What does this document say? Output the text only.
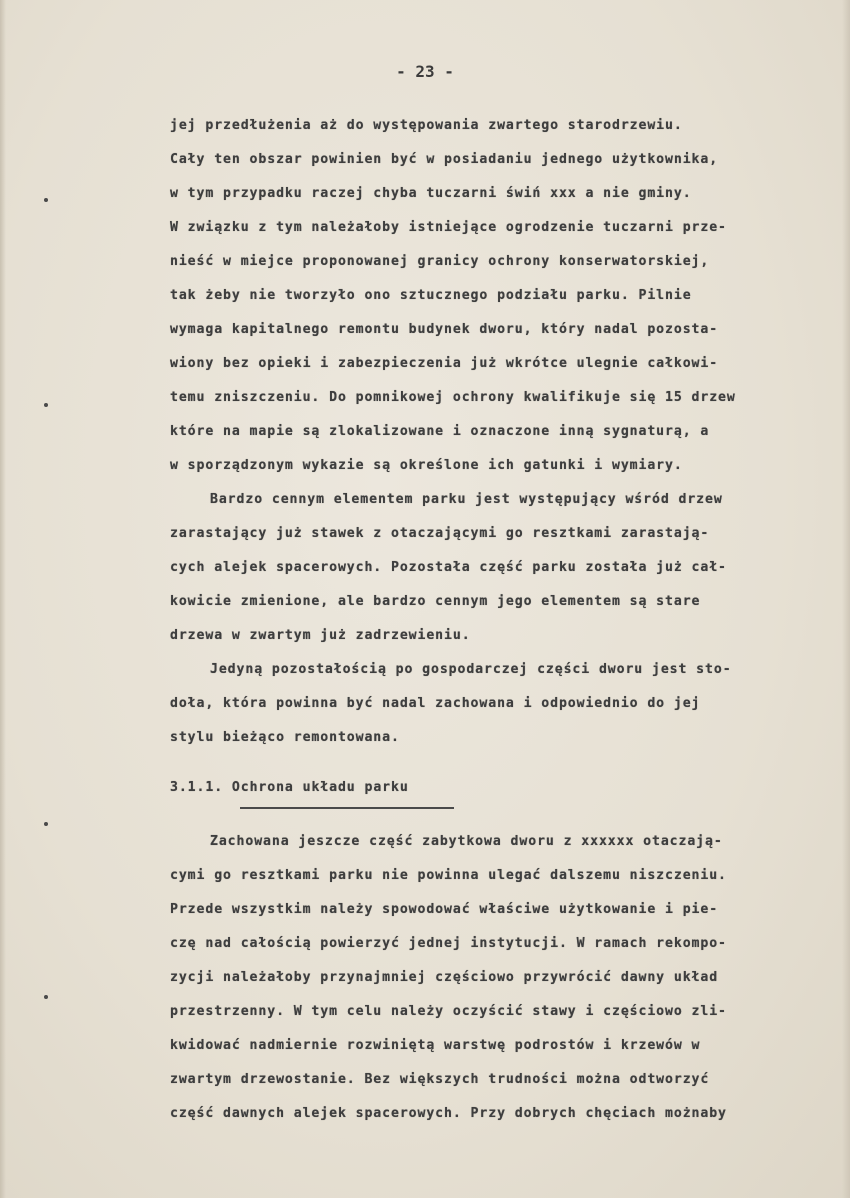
- 23 -
jej przedłużenia aż do występowania zwartego starodrzewiu.
Cały ten obszar powinien być w posiadaniu jednego użytkownika,
w tym przypadku raczej chyba tuczarni świń xxx a nie gminy.
W związku z tym należałoby istniejące ogrodzenie tuczarni prze-
nieść w miejce proponowanej granicy ochrony konserwatorskiej,
tak żeby nie tworzyło ono sztucznego podziału parku. Pilnie
wymaga kapitalnego remontu budynek dworu, który nadal pozosta-
wiony bez opieki i zabezpieczenia już wkrótce ulegnie całkowi-
temu zniszczeniu. Do pomnikowej ochrony kwalifikuje się 15 drzew
które na mapie są zlokalizowane i oznaczone inną sygnaturą, a
w sporządzonym wykazie są określone ich gatunki i wymiary.
Bardzo cennym elementem parku jest występujący wśród drzew
zarastający już stawek z otaczającymi go resztkami zarastają-
cych alejek spacerowych. Pozostała część parku została już cał-
kowicie zmienione, ale bardzo cennym jego elementem są stare
drzewa w zwartym już zadrzewieniu.
Jedyną pozostałością po gospodarczej części dworu jest sto-
doła, która powinna być nadal zachowana i odpowiednio do jej
stylu bieżąco remontowana.
3.1.1. Ochrona układu parku
Zachowana jeszcze część zabytkowa dworu z xxxxxx otaczają-
cymi go resztkami parku nie powinna ulegać dalszemu niszczeniu.
Przede wszystkim należy spowodować właściwe użytkowanie i pie-
czę nad całością powierzyć jednej instytucji. W ramach rekompo-
zycji należałoby przynajmniej częściowo przywrócić dawny układ
przestrzenny. W tym celu należy oczyścić stawy i częściowo zli-
kwidować nadmiernie rozwiniętą warstwę podrostów i krzewów w
zwartym drzewostanie. Bez większych trudności można odtworzyć
część dawnych alejek spacerowych. Przy dobrych chęciach możnaby
